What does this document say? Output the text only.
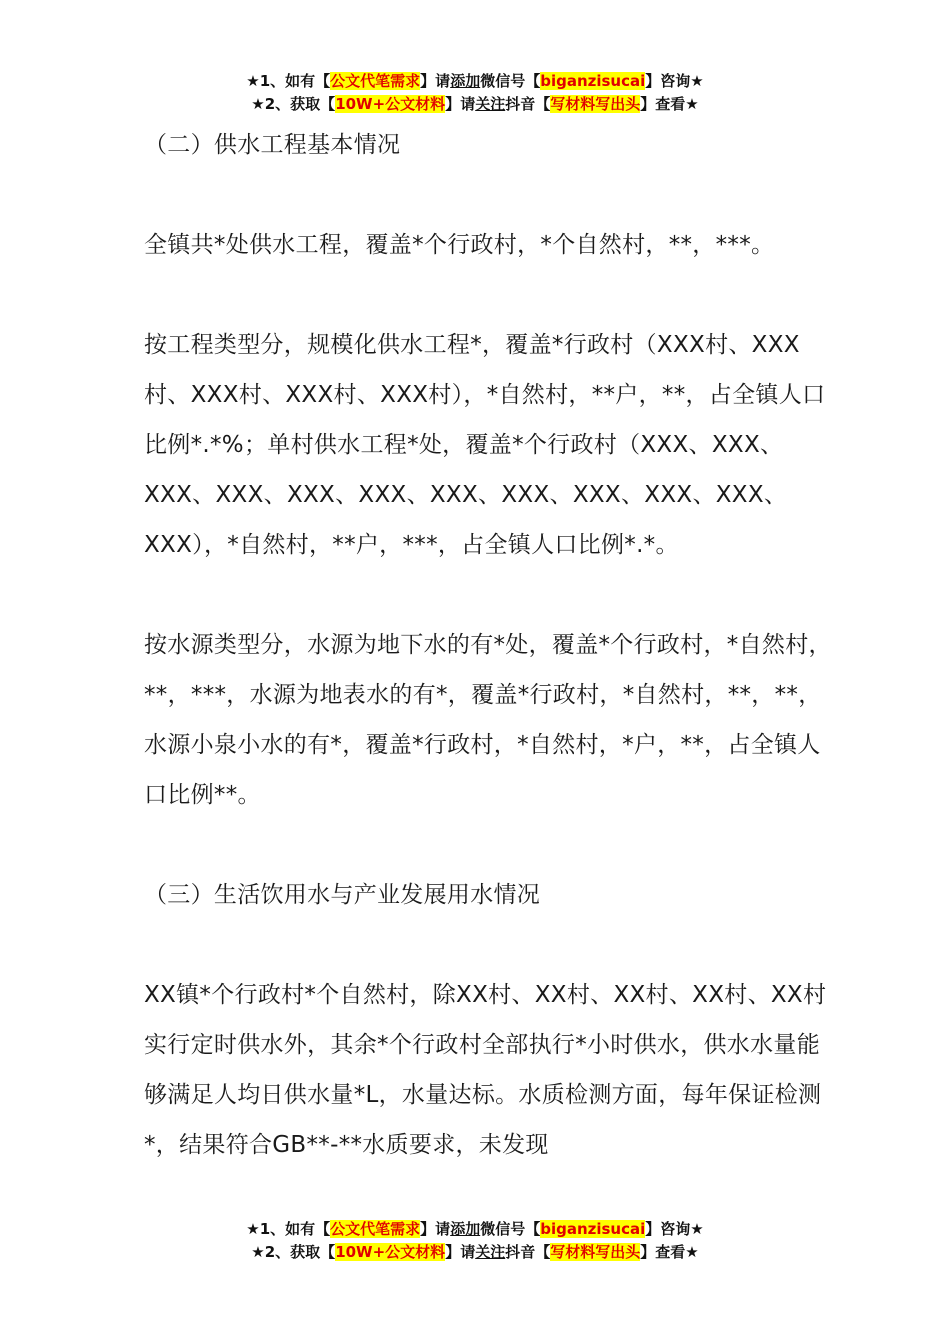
★1、如有【公文代笔需求】请添加微信号【biganzisucai】咨询★
★2、获取【10W+公文材料】请关注抖音【写材料写出头】查看★

（二）供水工程基本情况

全镇共*处供水工程，覆盖*个行政村，*个自然村，**，***。

按工程类型分，规模化供水工程*，覆盖*行政村（XXX村、XXX村、XXX村、XXX村、XXX村），*自然村，**户，**，占全镇人口比例*.*%；单村供水工程*处，覆盖*个行政村（XXX、XXX、XXX、XXX、XXX、XXX、XXX、XXX、XXX、XXX、XXX、XXX），*自然村，**户，***，占全镇人口比例*.*。

按水源类型分，水源为地下水的有*处，覆盖*个行政村，*自然村，**，***，水源为地表水的有*，覆盖*行政村，*自然村，**，**，水源小泉小水的有*，覆盖*行政村，*自然村，*户，**，占全镇人口比例**。

（三）生活饮用水与产业发展用水情况

XX镇*个行政村*个自然村，除XX村、XX村、XX村、XX村、XX村实行定时供水外，其余*个行政村全部执行*小时供水，供水水量能够满足人均日供水量*L，水量达标。水质检测方面，每年保证检测*，结果符合GB**-**水质要求，未发现

★1、如有【公文代笔需求】请添加微信号【biganzisucai】咨询★
★2、获取【10W+公文材料】请关注抖音【写材料写出头】查看★
